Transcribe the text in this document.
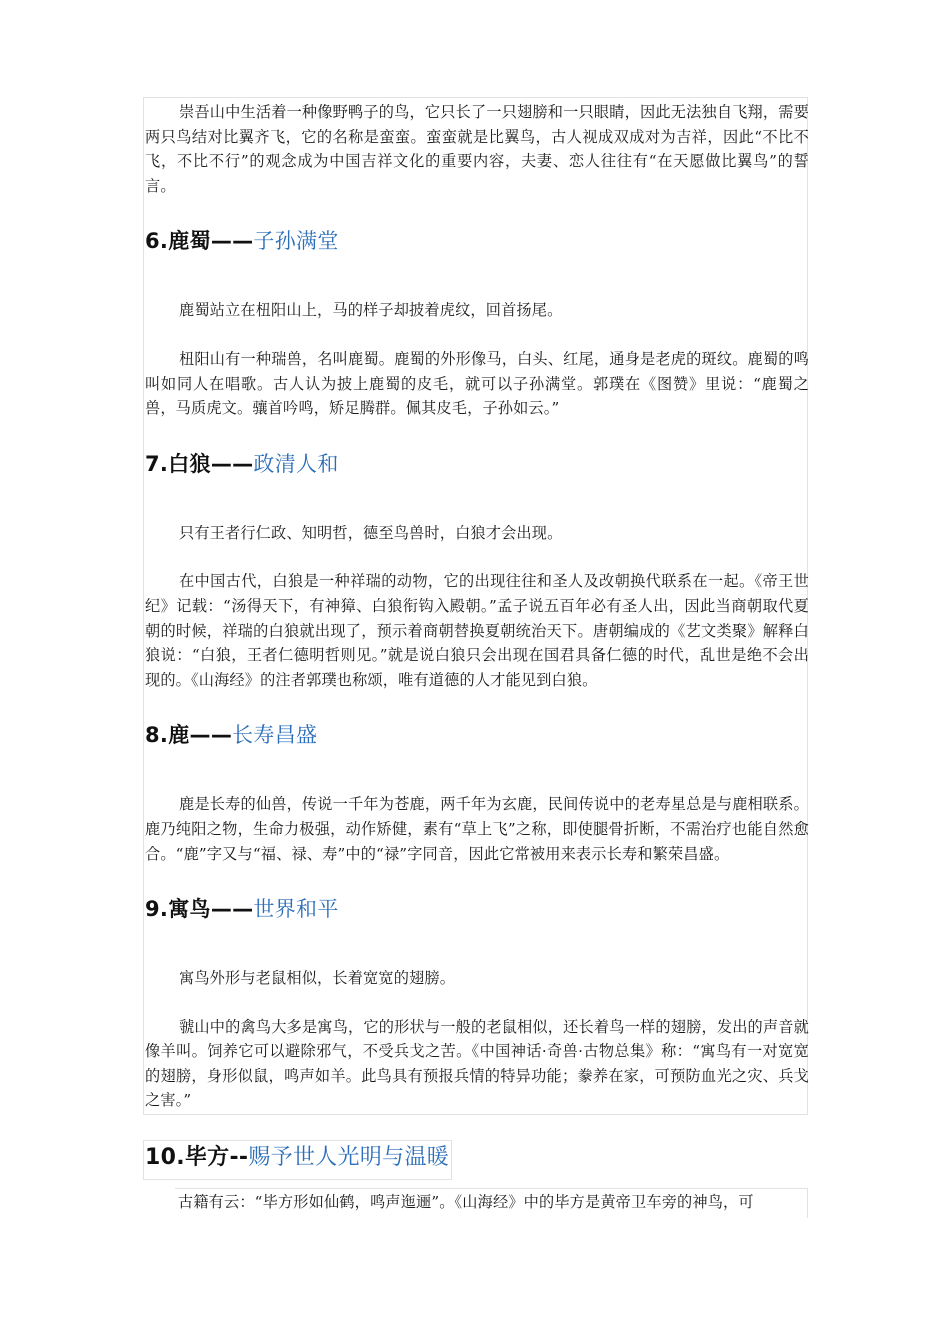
崇吾山中生活着一种像野鸭子的鸟，它只长了一只翅膀和一只眼睛，因此无法独自飞翔，需要两只鸟结对比翼齐飞，它的名称是蛮蛮。蛮蛮就是比翼鸟，古人视成双成对为吉祥，因此“不比不飞，不比不行”的观念成为中国吉祥文化的重要内容，夫妻、恋人往往有“在天愿做比翼鸟”的誓言。

6.鹿蜀——子孙满堂

鹿蜀站立在杻阳山上，马的样子却披着虎纹，回首扬尾。

杻阳山有一种瑞兽，名叫鹿蜀。鹿蜀的外形像马，白头、红尾，通身是老虎的斑纹。鹿蜀的鸣叫如同人在唱歌。古人认为披上鹿蜀的皮毛，就可以子孙满堂。郭璞在《图赞》里说：“鹿蜀之兽，马质虎文。骧首吟鸣，矫足腾群。佩其皮毛，子孙如云。”

7.白狼——政清人和

只有王者行仁政、知明哲，德至鸟兽时，白狼才会出现。

在中国古代，白狼是一种祥瑞的动物，它的出现往往和圣人及改朝换代联系在一起。《帝王世纪》记载：“汤得天下，有神獐、白狼衔钩入殿朝。”孟子说五百年必有圣人出，因此当商朝取代夏朝的时候，祥瑞的白狼就出现了，预示着商朝替换夏朝统治天下。唐朝编成的《艺文类聚》解释白狼说：“白狼，王者仁德明哲则见。”就是说白狼只会出现在国君具备仁德的时代，乱世是绝不会出现的。《山海经》的注者郭璞也称颂，唯有道德的人才能见到白狼。

8.鹿——长寿昌盛

鹿是长寿的仙兽，传说一千年为苍鹿，两千年为玄鹿，民间传说中的老寿星总是与鹿相联系。鹿乃纯阳之物，生命力极强，动作矫健，素有“草上飞”之称，即使腿骨折断，不需治疗也能自然愈合。“鹿”字又与“福、禄、寿”中的“禄”字同音，因此它常被用来表示长寿和繁荣昌盛。

9.寓鸟——世界和平

寓鸟外形与老鼠相似，长着宽宽的翅膀。

虢山中的禽鸟大多是寓鸟，它的形状与一般的老鼠相似，还长着鸟一样的翅膀，发出的声音就像羊叫。饲养它可以避除邪气，不受兵戈之苦。《中国神话·奇兽·古物总集》称：“寓鸟有一对宽宽的翅膀，身形似鼠，鸣声如羊。此鸟具有预报兵情的特异功能；豢养在家，可预防血光之灾、兵戈之害。”

10.毕方--赐予世人光明与温暖

古籍有云：“毕方形如仙鹤，鸣声迤逦”。《山海经》中的毕方是黄帝卫车旁的神鸟，可
